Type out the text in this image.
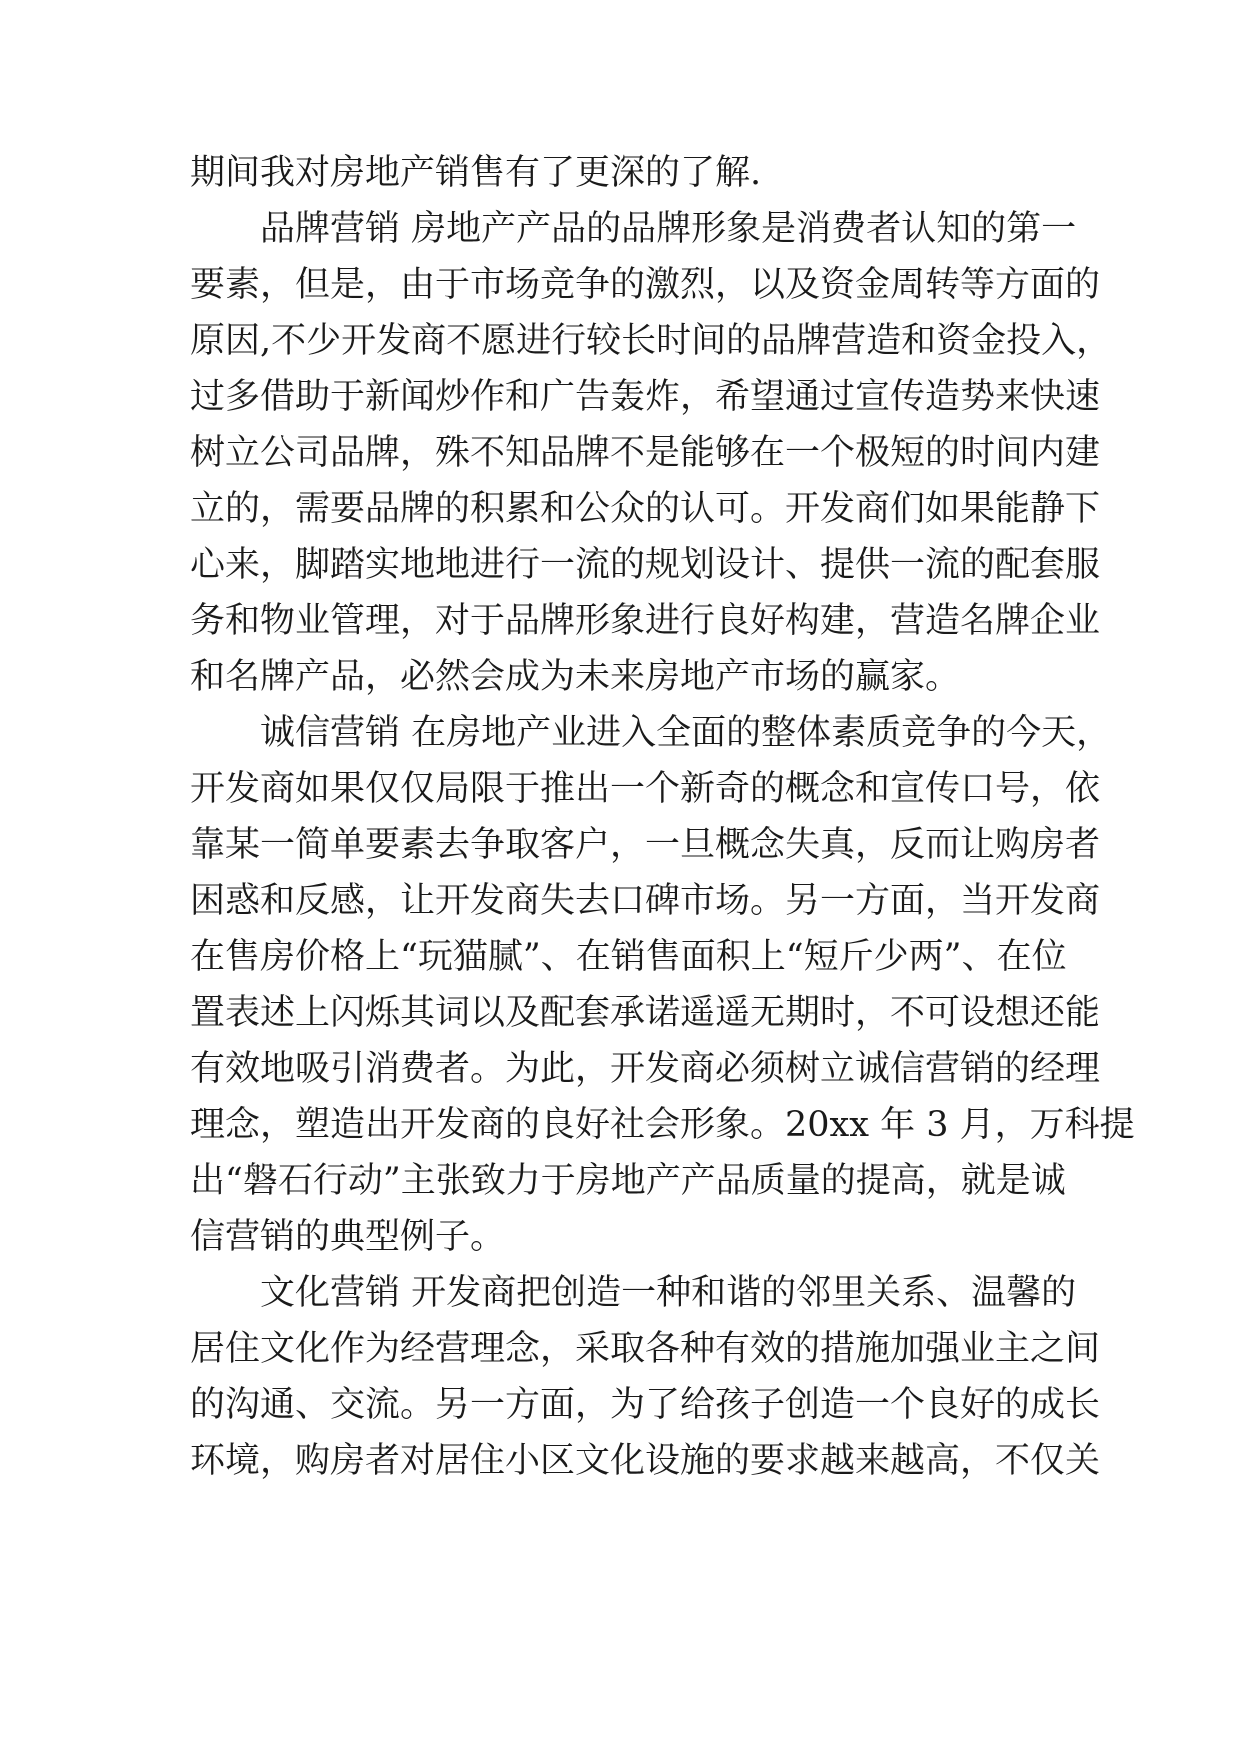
期间我对房地产销售有了更深的了解.
品牌营销 房地产产品的品牌形象是消费者认知的第一
要素，但是，由于市场竞争的激烈，以及资金周转等方面的
原因,不少开发商不愿进行较长时间的品牌营造和资金投入，
过多借助于新闻炒作和广告轰炸，希望通过宣传造势来快速
树立公司品牌，殊不知品牌不是能够在一个极短的时间内建
立的，需要品牌的积累和公众的认可。开发商们如果能静下
心来，脚踏实地地进行一流的规划设计、提供一流的配套服
务和物业管理，对于品牌形象进行良好构建，营造名牌企业
和名牌产品，必然会成为未来房地产市场的赢家。
诚信营销 在房地产业进入全面的整体素质竞争的今天，
开发商如果仅仅局限于推出一个新奇的概念和宣传口号，依
靠某一简单要素去争取客户，一旦概念失真，反而让购房者
困惑和反感，让开发商失去口碑市场。另一方面，当开发商
在售房价格上“玩猫腻”、在销售面积上“短斤少两”、在位
置表述上闪烁其词以及配套承诺遥遥无期时，不可设想还能
有效地吸引消费者。为此，开发商必须树立诚信营销的经理
理念，塑造出开发商的良好社会形象。20xx 年 3 月，万科提
出“磐石行动”主张致力于房地产产品质量的提高，就是诚
信营销的典型例子。
文化营销 开发商把创造一种和谐的邻里关系、温馨的
居住文化作为经营理念，采取各种有效的措施加强业主之间
的沟通、交流。另一方面，为了给孩子创造一个良好的成长
环境，购房者对居住小区文化设施的要求越来越高，不仅关
